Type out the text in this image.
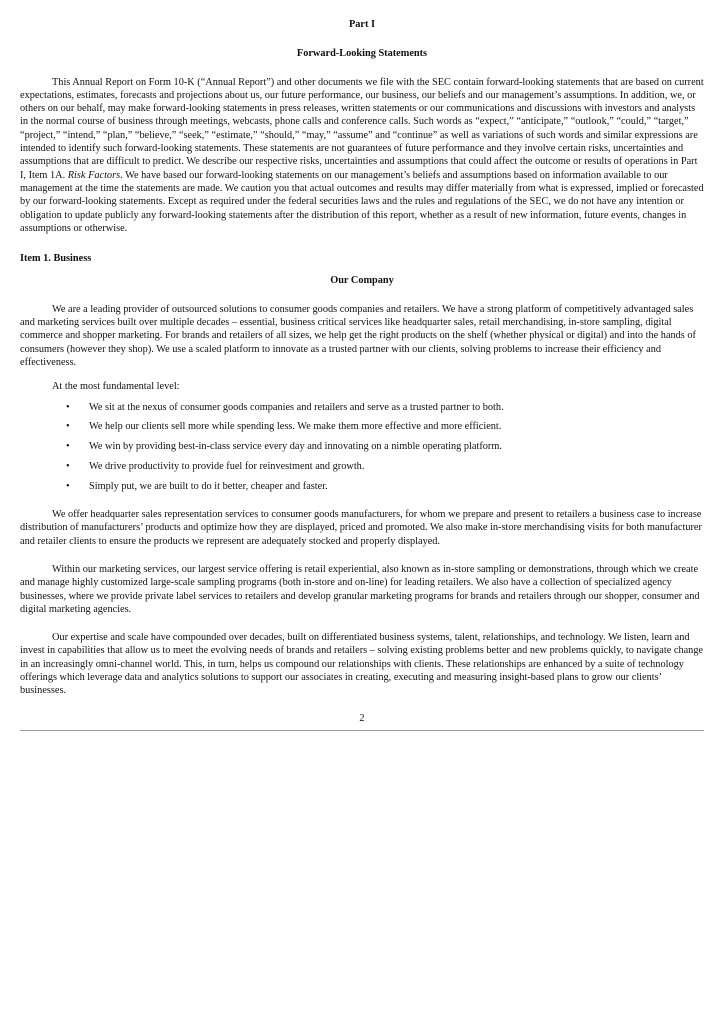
Part I

Forward-Looking Statements

This Annual Report on Form 10-K (“Annual Report”) and other documents we file with the SEC contain forward-looking statements that are based on current expectations, estimates, forecasts and projections about us, our future performance, our business, our beliefs and our management’s assumptions. In addition, we, or others on our behalf, may make forward-looking statements in press releases, written statements or our communications and discussions with investors and analysts in the normal course of business through meetings, webcasts, phone calls and conference calls. Such words as “expect,” “anticipate,” “outlook,” “could,” “target,” “project,” “intend,” “plan,” “believe,” “seek,” “estimate,” “should,” “may,” “assume” and “continue” as well as variations of such words and similar expressions are intended to identify such forward-looking statements. These statements are not guarantees of future performance and they involve certain risks, uncertainties and assumptions that are difficult to predict. We describe our respective risks, uncertainties and assumptions that could affect the outcome or results of operations in Part I, Item 1A. Risk Factors. We have based our forward-looking statements on our management’s beliefs and assumptions based on information available to our management at the time the statements are made. We caution you that actual outcomes and results may differ materially from what is expressed, implied or forecasted by our forward-looking statements. Except as required under the federal securities laws and the rules and regulations of the SEC, we do not have any intention or obligation to update publicly any forward-looking statements after the distribution of this report, whether as a result of new information, future events, changes in assumptions or otherwise.

Item 1. Business

Our Company

We are a leading provider of outsourced solutions to consumer goods companies and retailers. We have a strong platform of competitively advantaged sales and marketing services built over multiple decades – essential, business critical services like headquarter sales, retail merchandising, in-store sampling, digital commerce and shopper marketing. For brands and retailers of all sizes, we help get the right products on the shelf (whether physical or digital) and into the hands of consumers (however they shop). We use a scaled platform to innovate as a trusted partner with our clients, solving problems to increase their efficiency and effectiveness.

At the most fundamental level:

• We sit at the nexus of consumer goods companies and retailers and serve as a trusted partner to both.
• We help our clients sell more while spending less. We make them more effective and more efficient.
• We win by providing best-in-class service every day and innovating on a nimble operating platform.
• We drive productivity to provide fuel for reinvestment and growth.
• Simply put, we are built to do it better, cheaper and faster.

We offer headquarter sales representation services to consumer goods manufacturers, for whom we prepare and present to retailers a business case to increase distribution of manufacturers’ products and optimize how they are displayed, priced and promoted. We also make in-store merchandising visits for both manufacturer and retailer clients to ensure the products we represent are adequately stocked and properly displayed.

Within our marketing services, our largest service offering is retail experiential, also known as in-store sampling or demonstrations, through which we create and manage highly customized large-scale sampling programs (both in-store and on-line) for leading retailers. We also have a collection of specialized agency businesses, where we provide private label services to retailers and develop granular marketing programs for brands and retailers through our shopper, consumer and digital marketing agencies.

Our expertise and scale have compounded over decades, built on differentiated business systems, talent, relationships, and technology. We listen, learn and invest in capabilities that allow us to meet the evolving needs of brands and retailers – solving existing problems better and new problems quickly, to navigate change in an increasingly omni-channel world. This, in turn, helps us compound our relationships with clients. These relationships are enhanced by a suite of technology offerings which leverage data and analytics solutions to support our associates in creating, executing and measuring insight-based plans to grow our clients’ businesses.

2
